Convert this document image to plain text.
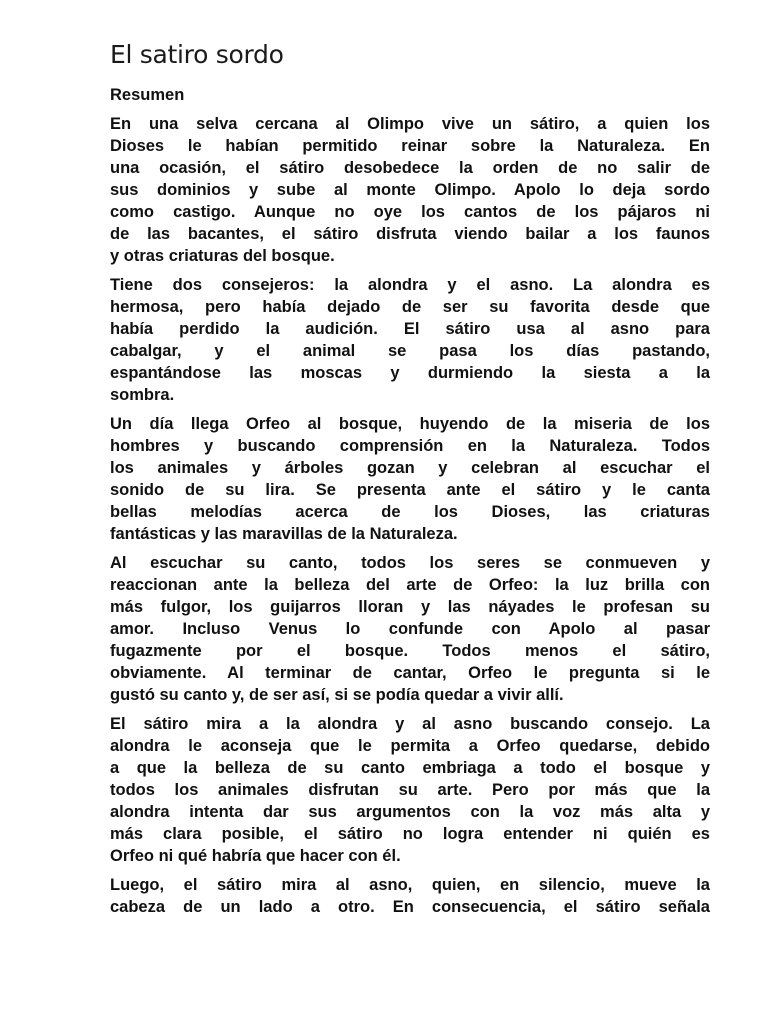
El satiro sordo
Resumen

En una selva cercana al Olimpo vive un sátiro, a quien los
Dioses le habían permitido reinar sobre la Naturaleza. En
una ocasión, el sátiro desobedece la orden de no salir de
sus dominios y sube al monte Olimpo. Apolo lo deja sordo
como castigo. Aunque no oye los cantos de los pájaros ni
de las bacantes, el sátiro disfruta viendo bailar a los faunos
y otras criaturas del bosque.

Tiene dos consejeros: la alondra y el asno. La alondra es
hermosa, pero había dejado de ser su favorita desde que
había perdido la audición. El sátiro usa al asno para
cabalgar, y el animal se pasa los días pastando,
espantándose las moscas y durmiendo la siesta a la
sombra.

Un día llega Orfeo al bosque, huyendo de la miseria de los
hombres y buscando comprensión en la Naturaleza. Todos
los animales y árboles gozan y celebran al escuchar el
sonido de su lira. Se presenta ante el sátiro y le canta
bellas melodías acerca de los Dioses, las criaturas
fantásticas y las maravillas de la Naturaleza.

Al escuchar su canto, todos los seres se conmueven y
reaccionan ante la belleza del arte de Orfeo: la luz brilla con
más fulgor, los guijarros lloran y las náyades le profesan su
amor. Incluso Venus lo confunde con Apolo al pasar
fugazmente por el bosque. Todos menos el sátiro,
obviamente. Al terminar de cantar, Orfeo le pregunta si le
gustó su canto y, de ser así, si se podía quedar a vivir allí.

El sátiro mira a la alondra y al asno buscando consejo. La
alondra le aconseja que le permita a Orfeo quedarse, debido
a que la belleza de su canto embriaga a todo el bosque y
todos los animales disfrutan su arte. Pero por más que la
alondra intenta dar sus argumentos con la voz más alta y
más clara posible, el sátiro no logra entender ni quién es
Orfeo ni qué habría que hacer con él.

Luego, el sátiro mira al asno, quien, en silencio, mueve la
cabeza de un lado a otro. En consecuencia, el sátiro señala
